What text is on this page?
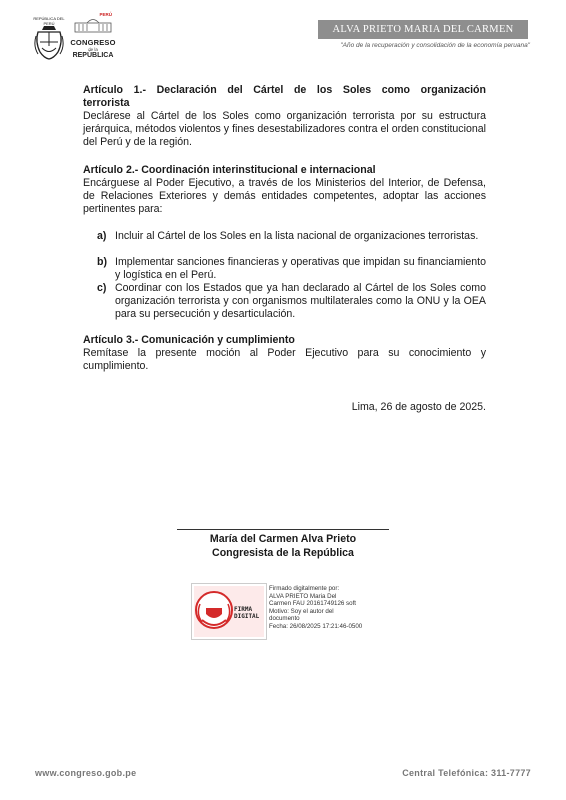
REPÚBLICA DEL PERÚ
PERÚ
CONGRESO
de la
REPÚBLICA
ALVA PRIETO MARIA DEL CARMEN
"Año de la recuperación y consolidación de la economía peruana"
Artículo 1.- Declaración del Cártel de los Soles como organización
terrorista
Declárese al Cártel de los Soles como organización terrorista por su estructura jerárquica, métodos violentos y fines desestabilizadores contra el orden constitucional del Perú y de la región.
Artículo 2.- Coordinación interinstitucional e internacional
Encárguese al Poder Ejecutivo, a través de los Ministerios del Interior, de Defensa, de Relaciones Exteriores y demás entidades competentes, adoptar las acciones pertinentes para:
a) Incluir al Cártel de los Soles en la lista nacional de organizaciones terroristas.
b) Implementar sanciones financieras y operativas que impidan su financiamiento y logística en el Perú.
c) Coordinar con los Estados que ya han declarado al Cártel de los Soles como organización terrorista y con organismos multilaterales como la ONU y la OEA para su persecución y desarticulación.
Artículo 3.- Comunicación y cumplimiento
Remítase la presente moción al Poder Ejecutivo para su conocimiento y cumplimiento.
Lima, 26 de agosto de 2025.
María del Carmen Alva Prieto
Congresista de la República
FIRMA DIGITAL
Firmado digitalmente por:
ALVA PRIETO Maria Del
Carmen FAU 20161749126 soft
Motivo: Soy el autor del
documento
Fecha: 26/08/2025 17:21:46-0500
www.congreso.gob.pe	Central Telefónica: 311-7777
